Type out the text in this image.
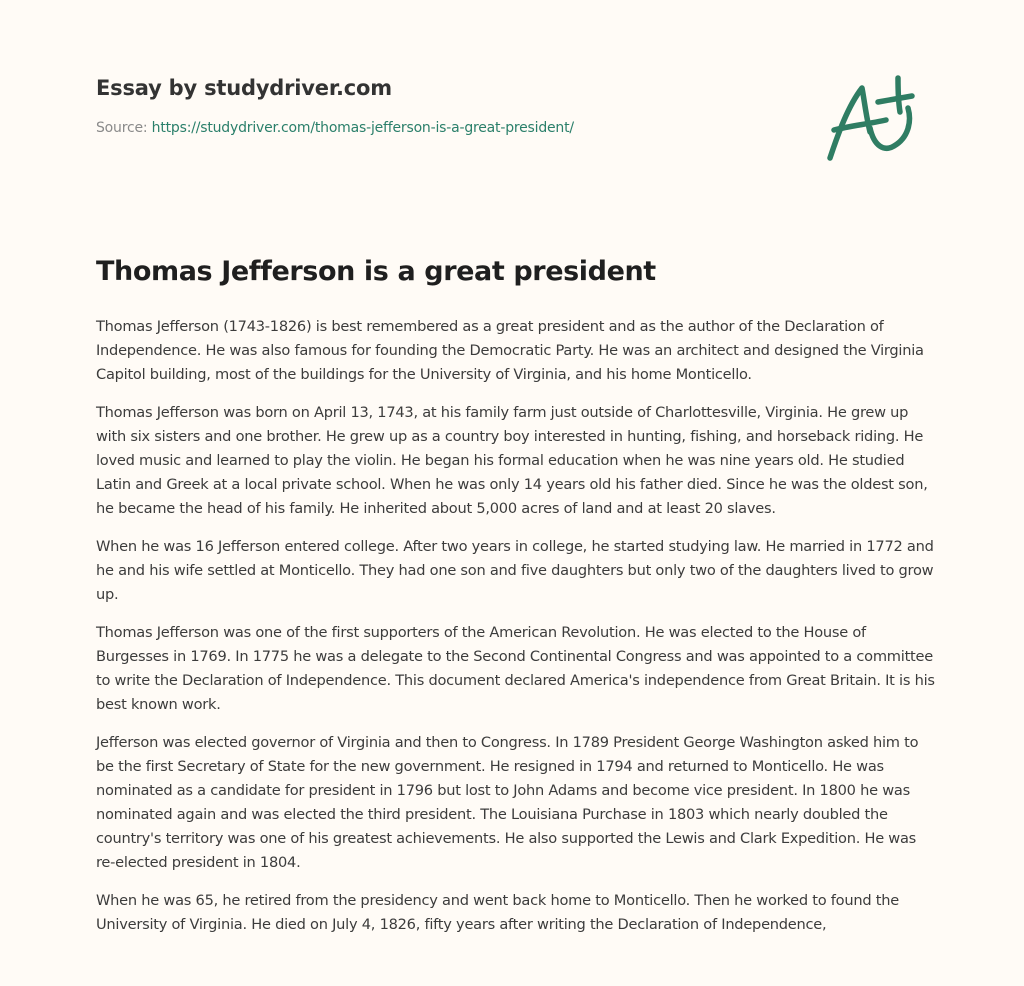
Essay by studydriver.com
Source: https://studydriver.com/thomas-jefferson-is-a-great-president/
Thomas Jefferson is a great president

Thomas Jefferson (1743-1826) is best remembered as a great president and as the author of the Declaration of Independence. He was also famous for founding the Democratic Party. He was an architect and designed the Virginia Capitol building, most of the buildings for the University of Virginia, and his home Monticello.

Thomas Jefferson was born on April 13, 1743, at his family farm just outside of Charlottesville, Virginia. He grew up with six sisters and one brother. He grew up as a country boy interested in hunting, fishing, and horseback riding. He loved music and learned to play the violin. He began his formal education when he was nine years old. He studied Latin and Greek at a local private school. When he was only 14 years old his father died. Since he was the oldest son, he became the head of his family. He inherited about 5,000 acres of land and at least 20 slaves.

When he was 16 Jefferson entered college. After two years in college, he started studying law. He married in 1772 and he and his wife settled at Monticello. They had one son and five daughters but only two of the daughters lived to grow up.

Thomas Jefferson was one of the first supporters of the American Revolution. He was elected to the House of Burgesses in 1769. In 1775 he was a delegate to the Second Continental Congress and was appointed to a committee to write the Declaration of Independence. This document declared America's independence from Great Britain. It is his best known work.

Jefferson was elected governor of Virginia and then to Congress. In 1789 President George Washington asked him to be the first Secretary of State for the new government. He resigned in 1794 and returned to Monticello. He was nominated as a candidate for president in 1796 but lost to John Adams and become vice president. In 1800 he was nominated again and was elected the third president. The Louisiana Purchase in 1803 which nearly doubled the country's territory was one of his greatest achievements. He also supported the Lewis and Clark Expedition. He was re-elected president in 1804.

When he was 65, he retired from the presidency and went back home to Monticello. Then he worked to found the University of Virginia. He died on July 4, 1826, fifty years after writing the Declaration of Independence,
